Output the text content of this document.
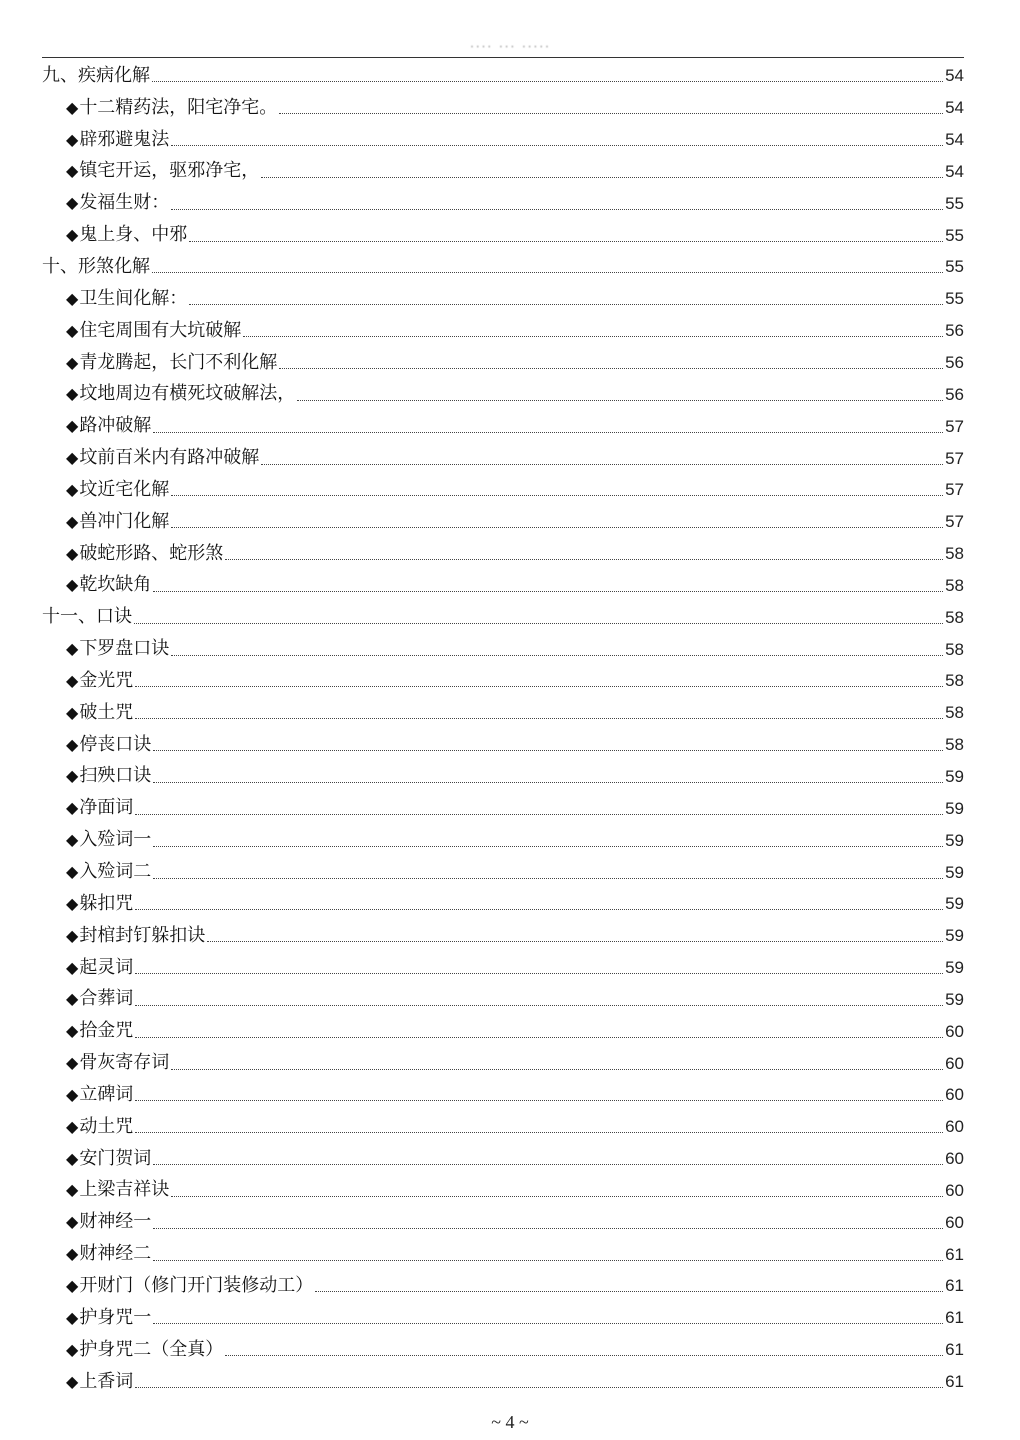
···· ··· ·····
九、疾病化解	54
◆ 十二精药法，阳宅净宅。	54
◆ 辟邪避鬼法	54
◆ 镇宅开运，驱邪净宅，	54
◆ 发福生财：	55
◆ 鬼上身、中邪	55
十、形煞化解	55
◆ 卫生间化解：	55
◆ 住宅周围有大坑破解	56
◆ 青龙腾起，长门不利化解	56
◆ 坟地周边有横死坟破解法，	56
◆ 路冲破解	57
◆ 坟前百米内有路冲破解	57
◆ 坟近宅化解	57
◆ 兽冲门化解	57
◆ 破蛇形路、蛇形煞	58
◆ 乾坎缺角	58
十一、口诀	58
◆ 下罗盘口诀	58
◆ 金光咒	58
◆ 破土咒	58
◆ 停丧口诀	58
◆ 扫殃口诀	59
◆ 净面词	59
◆ 入殓词一	59
◆ 入殓词二	59
◆ 躲扣咒	59
◆ 封棺封钉躲扣诀	59
◆ 起灵词	59
◆ 合葬词	59
◆ 拾金咒	60
◆ 骨灰寄存词	60
◆ 立碑词	60
◆ 动土咒	60
◆ 安门贺词	60
◆ 上梁吉祥诀	60
◆ 财神经一	60
◆ 财神经二	61
◆ 开财门（修门开门装修动工）	61
◆ 护身咒一	61
◆ 护身咒二（全真）	61
◆ 上香词	61
~ 4 ~
